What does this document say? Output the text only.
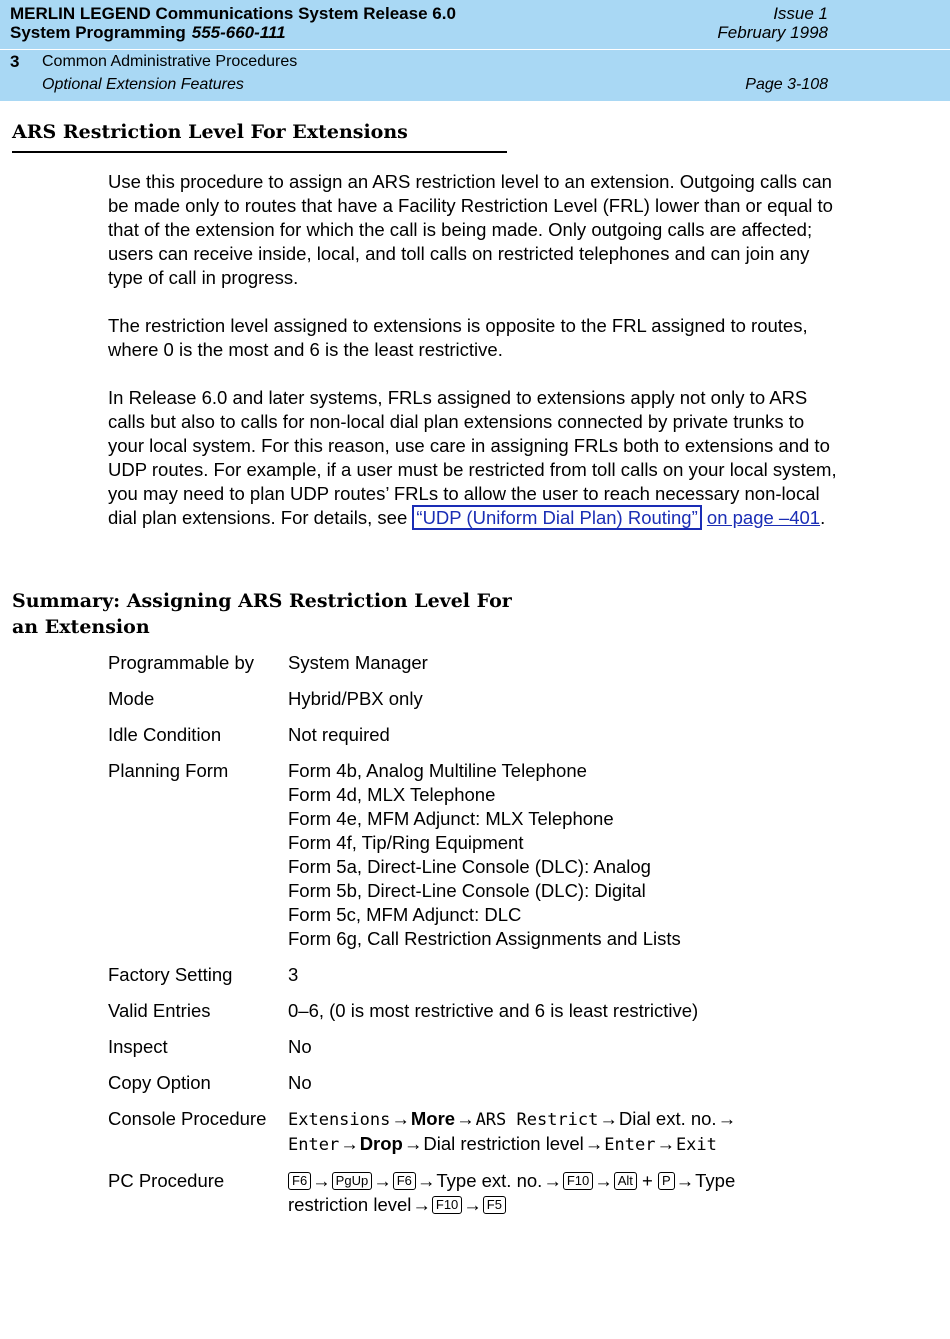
MERLIN LEGEND Communications System Release 6.0
System Programming 555-660-111
Issue 1
February 1998
3 Common Administrative Procedures
Optional Extension Features	Page 3-108
ARS Restriction Level For Extensions

Use this procedure to assign an ARS restriction level to an extension. Outgoing calls can be made only to routes that have a Facility Restriction Level (FRL) lower than or equal to that of the extension for which the call is being made. Only outgoing calls are affected; users can receive inside, local, and toll calls on restricted telephones and can join any type of call in progress.

The restriction level assigned to extensions is opposite to the FRL assigned to routes, where 0 is the most and 6 is the least restrictive.

In Release 6.0 and later systems, FRLs assigned to extensions apply not only to ARS calls but also to calls for non-local dial plan extensions connected by private trunks to your local system. For this reason, use care in assigning FRLs both to extensions and to UDP routes. For example, if a user must be restricted from toll calls on your local system, you may need to plan UDP routes’ FRLs to allow the user to reach necessary non-local dial plan extensions. For details, see “UDP (Uniform Dial Plan) Routing” on page –401.

Summary: Assigning ARS Restriction Level For an Extension
Programmable by	System Manager
Mode	Hybrid/PBX only
Idle Condition	Not required
Planning Form	Form 4b, Analog Multiline Telephone
Form 4d, MLX Telephone
Form 4e, MFM Adjunct: MLX Telephone
Form 4f, Tip/Ring Equipment
Form 5a, Direct-Line Console (DLC): Analog
Form 5b, Direct-Line Console (DLC): Digital
Form 5c, MFM Adjunct: DLC
Form 6g, Call Restriction Assignments and Lists
Factory Setting	3
Valid Entries	0–6, (0 is most restrictive and 6 is least restrictive)
Inspect	No
Copy Option	No
Console Procedure	Extensions→More→ARS Restrict→Dial ext. no.→
Enter→Drop→Dial restriction level→Enter→Exit
PC Procedure	F6 → PgUp → F6 →Type ext. no.→ F10 → Alt + P →Type
restriction level→ F10 → F5
